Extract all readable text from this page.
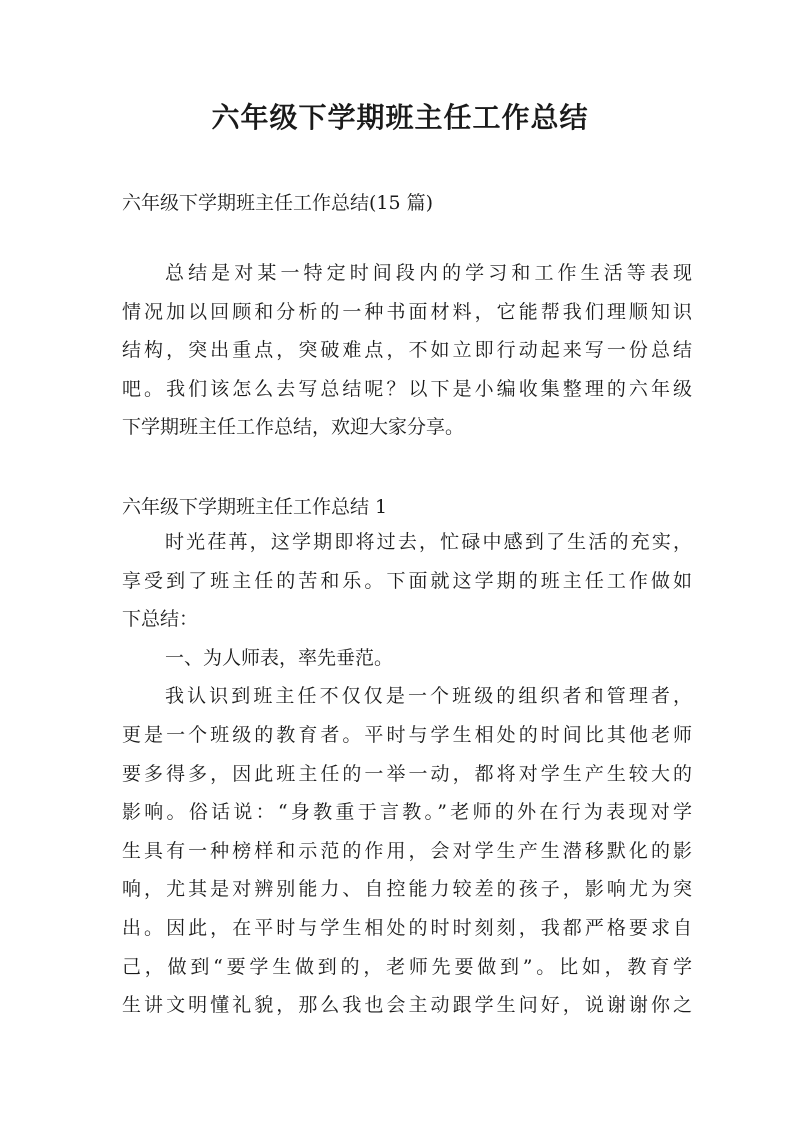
六年级下学期班主任工作总结
六年级下学期班主任工作总结(15 篇)
总结是对某一特定时间段内的学习和工作生活等表现
情况加以回顾和分析的一种书面材料，它能帮我们理顺知识
结构，突出重点，突破难点，不如立即行动起来写一份总结
吧。我们该怎么去写总结呢？以下是小编收集整理的六年级
下学期班主任工作总结，欢迎大家分享。
六年级下学期班主任工作总结 1
时光荏苒，这学期即将过去，忙碌中感到了生活的充实，
享受到了班主任的苦和乐。下面就这学期的班主任工作做如
下总结：
一、为人师表，率先垂范。
我认识到班主任不仅仅是一个班级的组织者和管理者，
更是一个班级的教育者。平时与学生相处的时间比其他老师
要多得多，因此班主任的一举一动，都将对学生产生较大的
影响。俗话说：“身教重于言教。”老师的外在行为表现对学
生具有一种榜样和示范的作用，会对学生产生潜移默化的影
响，尤其是对辨别能力、自控能力较差的孩子，影响尤为突
出。因此，在平时与学生相处的时时刻刻，我都严格要求自
己，做到“要学生做到的，老师先要做到”。比如，教育学
生讲文明懂礼貌，那么我也会主动跟学生问好，说谢谢你之
